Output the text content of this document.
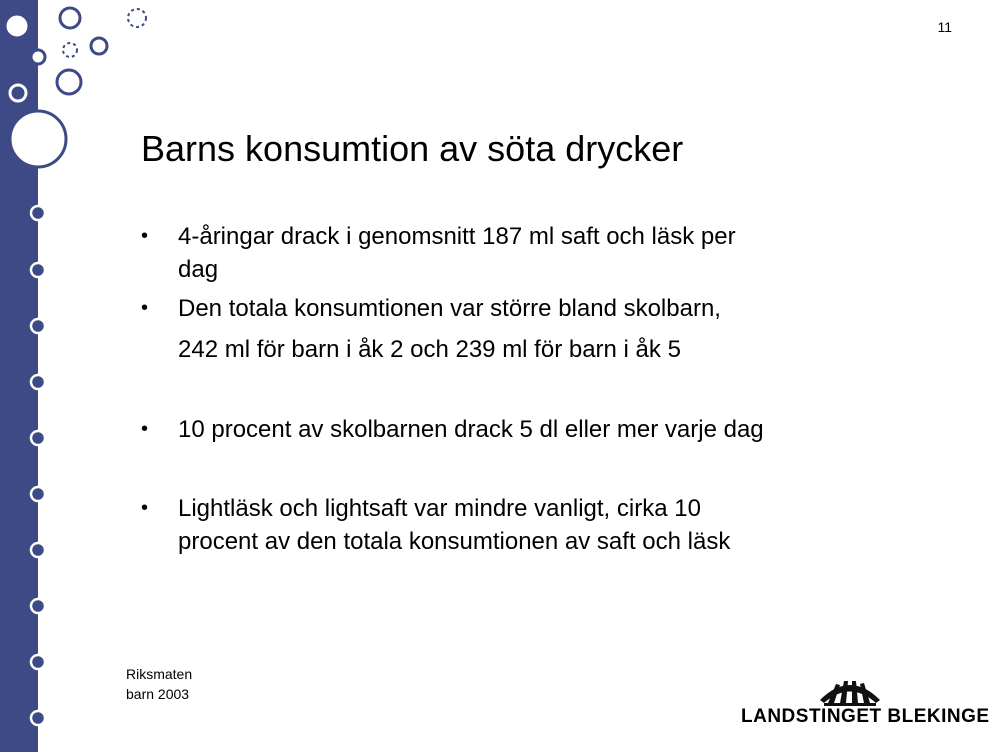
11
Barns konsumtion av söta drycker
• 4-åringar drack i genomsnitt 187 ml saft och läsk per
dag
• Den totala konsumtionen var större bland skolbarn,
242 ml för barn i åk 2 och 239 ml för barn i åk 5
• 10 procent av skolbarnen drack 5 dl eller mer varje dag
• Lightläsk och lightsaft var mindre vanligt, cirka 10
procent av den totala konsumtionen av saft och läsk
Riksmaten
barn 2003
LANDSTINGET BLEKINGE
